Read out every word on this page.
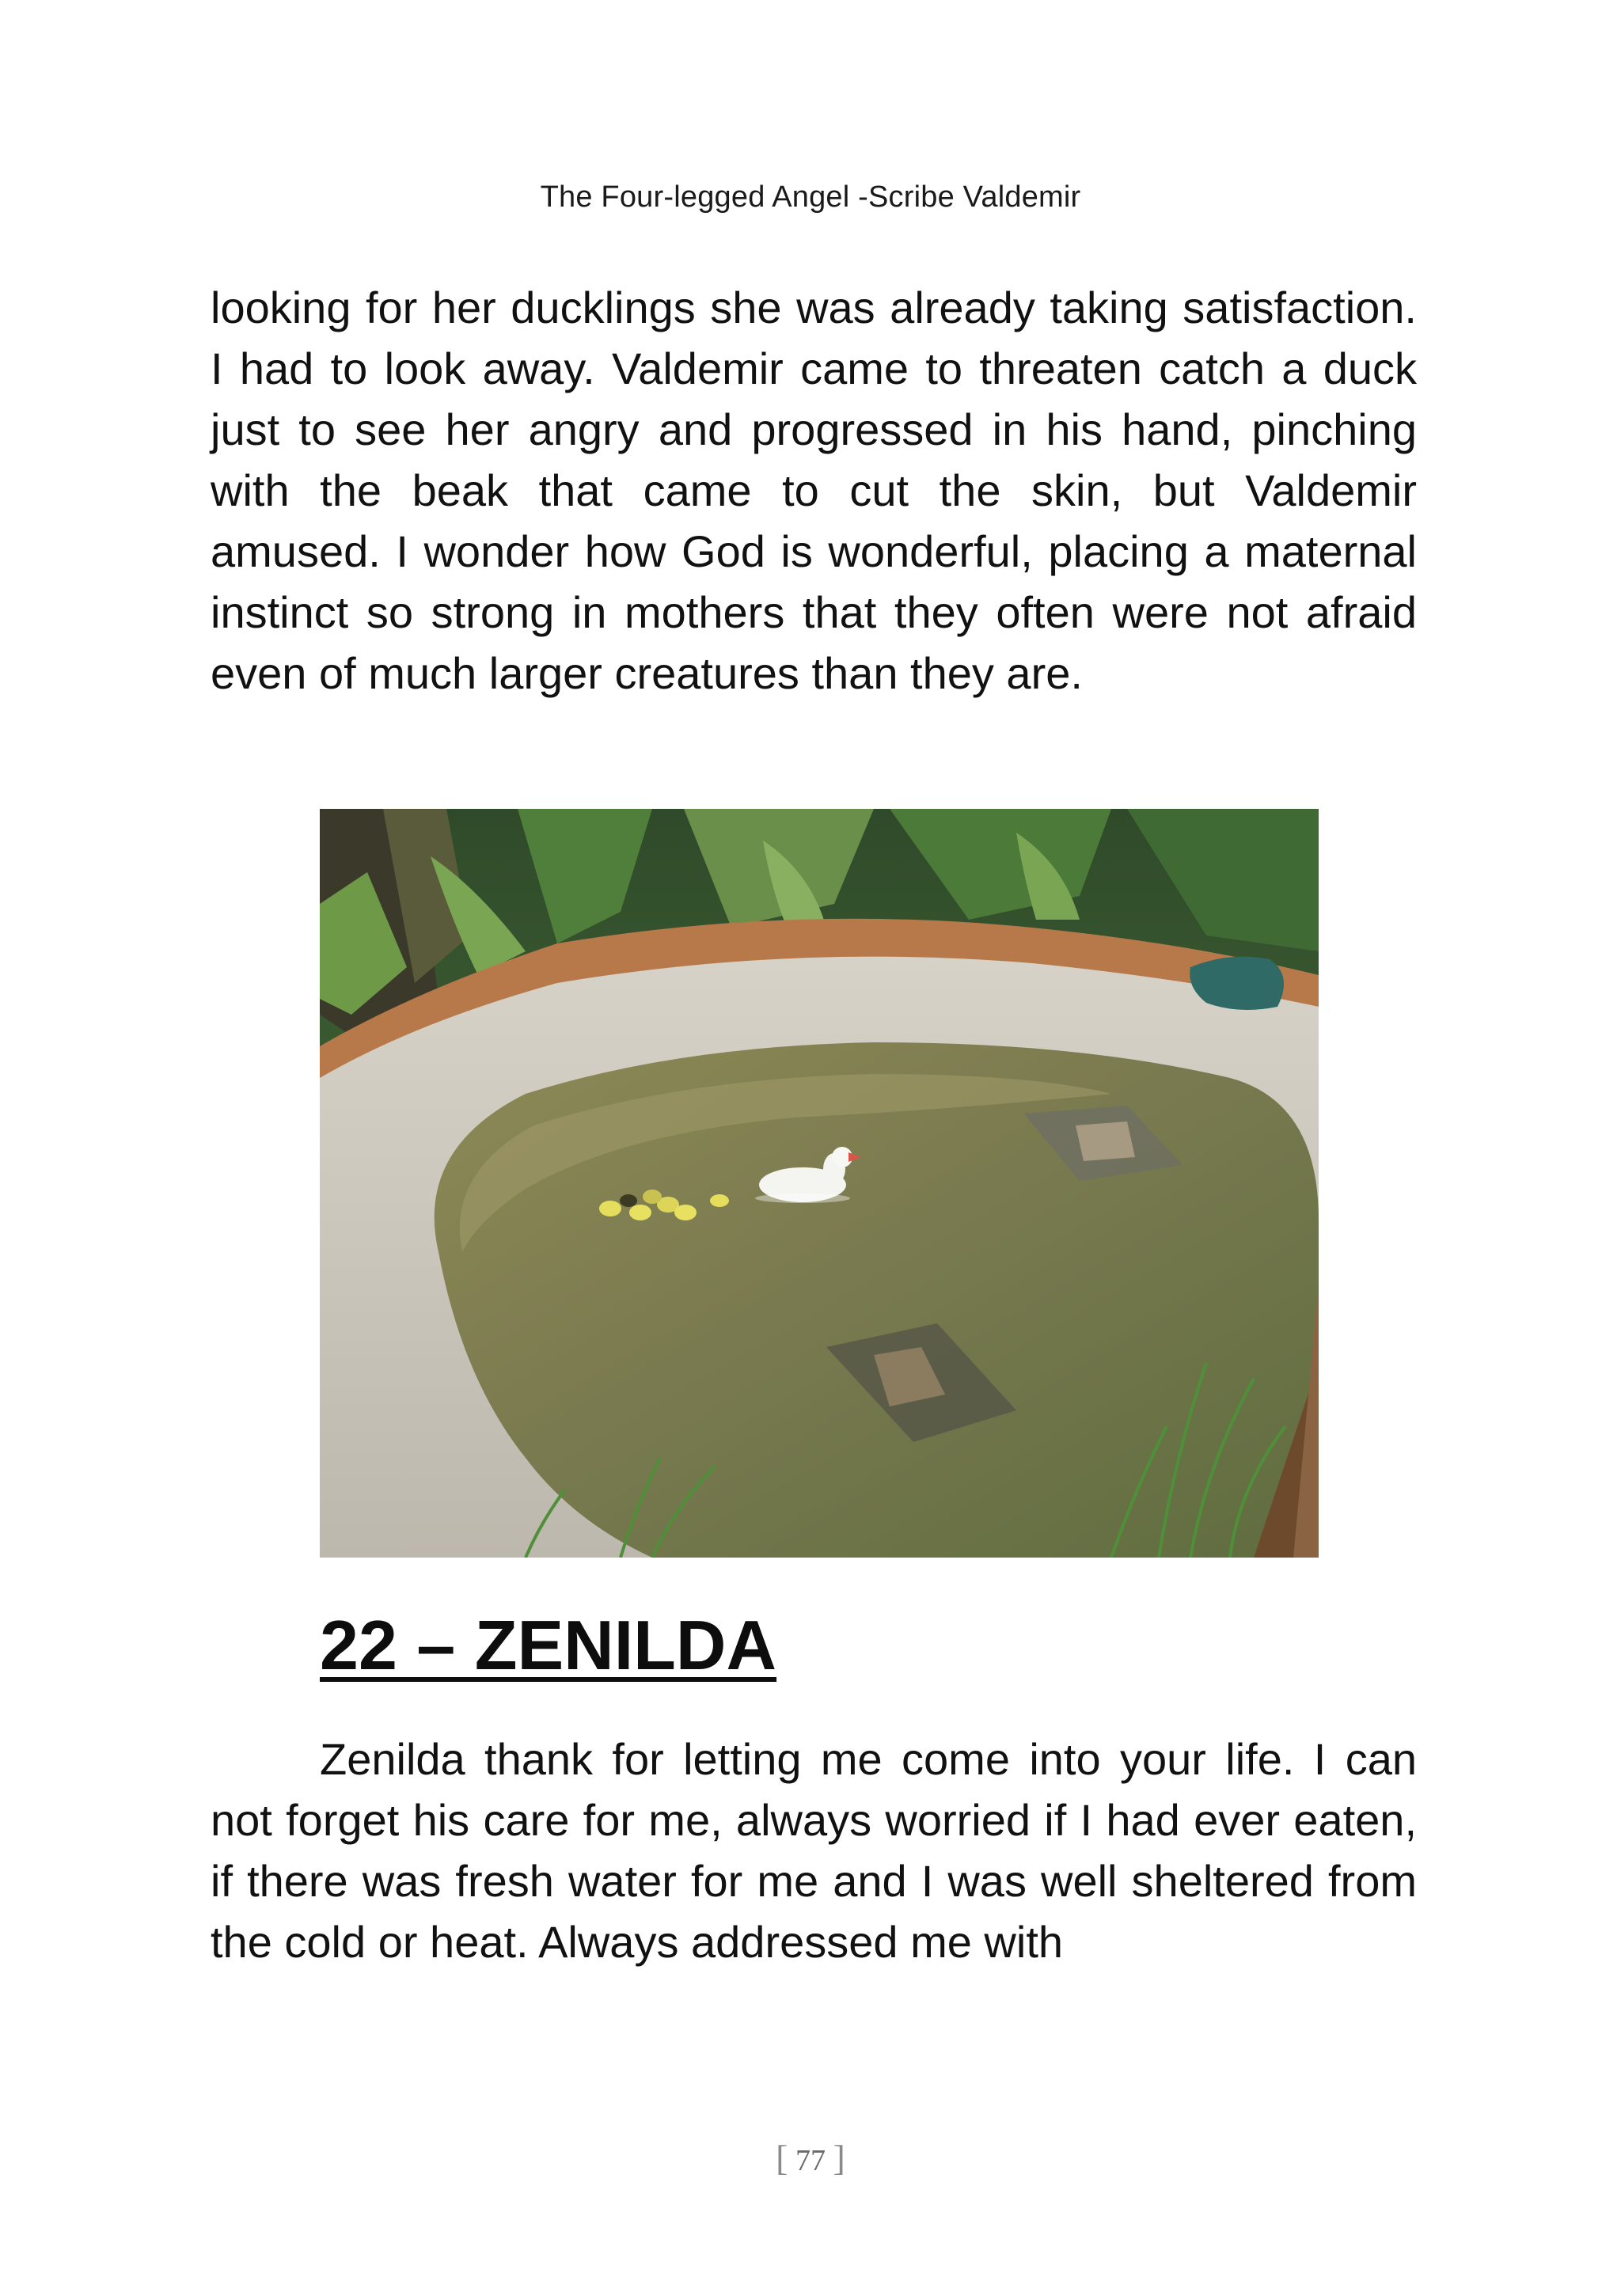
The Four-legged Angel -Scribe Valdemir

looking for her ducklings she was already taking satisfaction. I had to look away. Valdemir came to threaten catch a duck just to see her angry and progressed in his hand, pinching with the beak that came to cut the skin, but Valdemir amused. I wonder how God is wonderful, placing a maternal instinct so strong in mothers that they often were not afraid even of much larger creatures than they are.

22 – ZENILDA

Zenilda thank for letting me come into your life. I can not forget his care for me, always worried if I had ever eaten, if there was fresh water for me and I was well sheltered from the cold or heat. Always addressed me with

[ 77 ]
